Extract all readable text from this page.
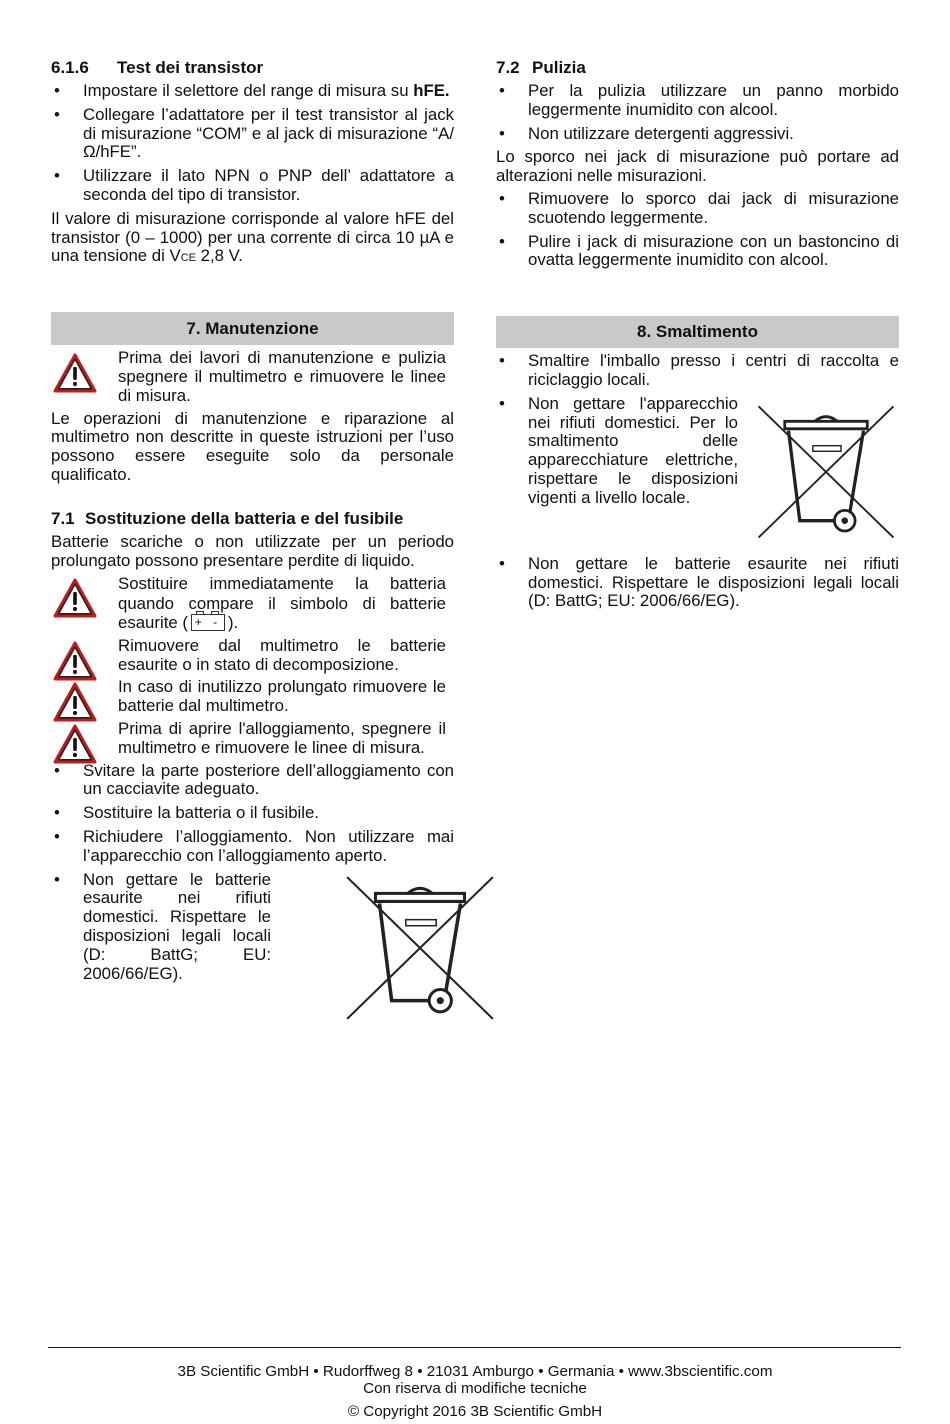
6.1.6 Test dei transistor
• Impostare il selettore del range di misura su hFE.
• Collegare l’adattatore per il test transistor al jack di misurazione “COM” e al jack di misurazione “A/Ω/hFE”.
• Utilizzare il lato NPN o PNP dell’ adattatore a seconda del tipo di transistor.

Il valore di misurazione corrisponde al valore hFE del transistor (0 – 1000) per una corrente di circa 10 µA e una tensione di VCE 2,8 V.

7. Manutenzione
Prima dei lavori di manutenzione e pulizia spegnere il multimetro e rimuovere le linee di misura.

Le operazioni di manutenzione e riparazione al multimetro non descritte in queste istruzioni per l’uso possono essere eseguite solo da personale qualificato.

7.1 Sostituzione della batteria e del fusibile

Batterie scariche o non utilizzate per un periodo prolungato possono presentare perdite di liquido.

Sostituire immediatamente la batteria quando compare il simbolo di batterie esaurite ( + - ).
Rimuovere dal multimetro le batterie esaurite o in stato di decomposizione.
In caso di inutilizzo prolungato rimuovere le batterie dal multimetro.
Prima di aprire l'alloggiamento, spegnere il multimetro e rimuovere le linee di misura.
• Svitare la parte posteriore dell’alloggiamento con un cacciavite adeguato.
• Sostituire la batteria o il fusibile.
• Richiudere l’alloggiamento. Non utilizzare mai l’apparecchio con l’alloggiamento aperto.
• Non gettare le batterie esaurite nei rifiuti domestici. Rispettare le disposizioni legali locali (D: BattG; EU: 2006/66/EG).
7.2 Pulizia
• Per la pulizia utilizzare un panno morbido leggermente inumidito con alcool.
• Non utilizzare detergenti aggressivi.

Lo sporco nei jack di misurazione può portare ad alterazioni nelle misurazioni.

• Rimuovere lo sporco dai jack di misurazione scuotendo leggermente.
• Pulire i jack di misurazione con un bastoncino di ovatta leggermente inumidito con alcool.
8. Smaltimento
• Smaltire l'imballo presso i centri di raccolta e riciclaggio locali.
• Non gettare l'apparecchio nei rifiuti domestici. Per lo smaltimento delle apparecchiature elettriche, rispettare le disposizioni vigenti a livello locale.
• Non gettare le batterie esaurite nei rifiuti domestici. Rispettare le disposizioni legali locali (D: BattG; EU: 2006/66/EG).
3B Scientific GmbH • Rudorffweg 8 • 21031 Amburgo • Germania • www.3bscientific.com
Con riserva di modifiche tecniche
© Copyright 2016 3B Scientific GmbH
